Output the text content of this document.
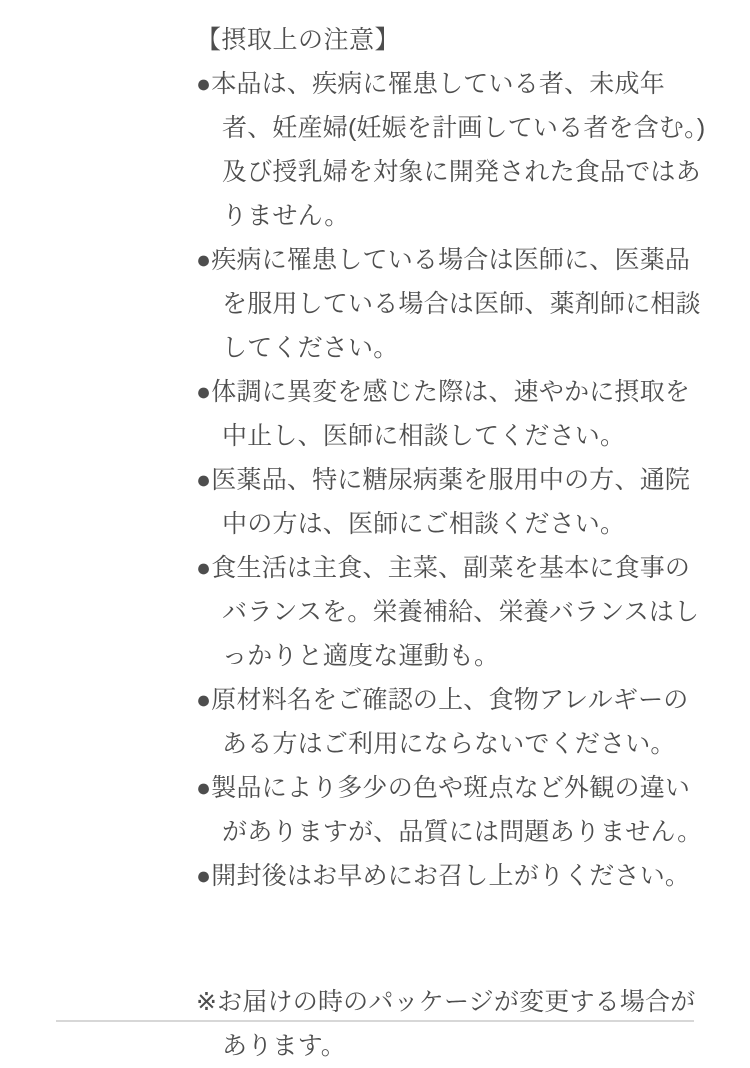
【摂取上の注意】
●本品は、疾病に罹患している者、未成年者、妊産婦(妊娠を計画している者を含む。)及び授乳婦を対象に開発された食品ではありません。
●疾病に罹患している場合は医師に、医薬品を服用している場合は医師、薬剤師に相談してください。
●体調に異変を感じた際は、速やかに摂取を中止し、医師に相談してください。
●医薬品、特に糖尿病薬を服用中の方、通院中の方は、医師にご相談ください。
●食生活は主食、主菜、副菜を基本に食事のバランスを。栄養補給、栄養バランスはしっかりと適度な運動も。
●原材料名をご確認の上、食物アレルギーのある方はご利用にならないでください。
●製品により多少の色や斑点など外観の違いがありますが、品質には問題ありません。
●開封後はお早めにお召し上がりください。
※お届けの時のパッケージが変更する場合があります。
